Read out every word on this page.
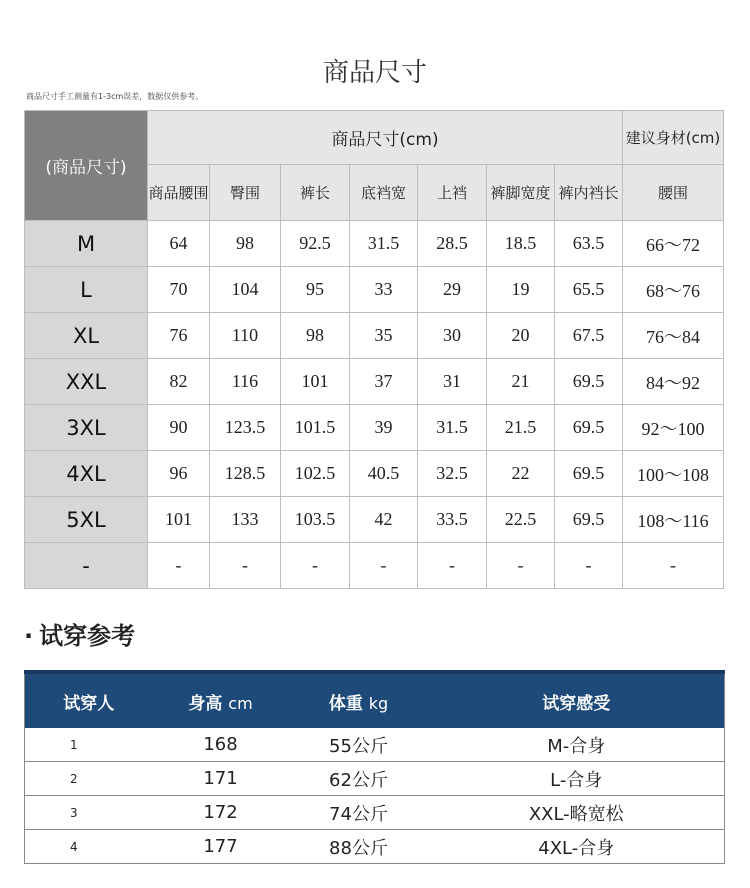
商品尺寸
商品尺寸手工测量有1-3cm误差，数据仅供参考。
(商品尺寸)	商品尺寸(cm)							建议身材(cm)
	商品腰围	臀围	裤长	底裆宽	上裆	裤脚宽度	裤内裆长	腰围
M	64	98	92.5	31.5	28.5	18.5	63.5	66～72
L	70	104	95	33	29	19	65.5	68～76
XL	76	110	98	35	30	20	67.5	76～84
XXL	82	116	101	37	31	21	69.5	84～92
3XL	90	123.5	101.5	39	31.5	21.5	69.5	92～100
4XL	96	128.5	102.5	40.5	32.5	22	69.5	100～108
5XL	101	133	103.5	42	33.5	22.5	69.5	108～116
-	-	-	-	-	-	-	-	-
· 试穿参考
试穿人	身高 cm	体重 kg	试穿感受
1	168	55公斤	M-合身
2	171	62公斤	L-合身
3	172	74公斤	XXL-略宽松
4	177	88公斤	4XL-合身
